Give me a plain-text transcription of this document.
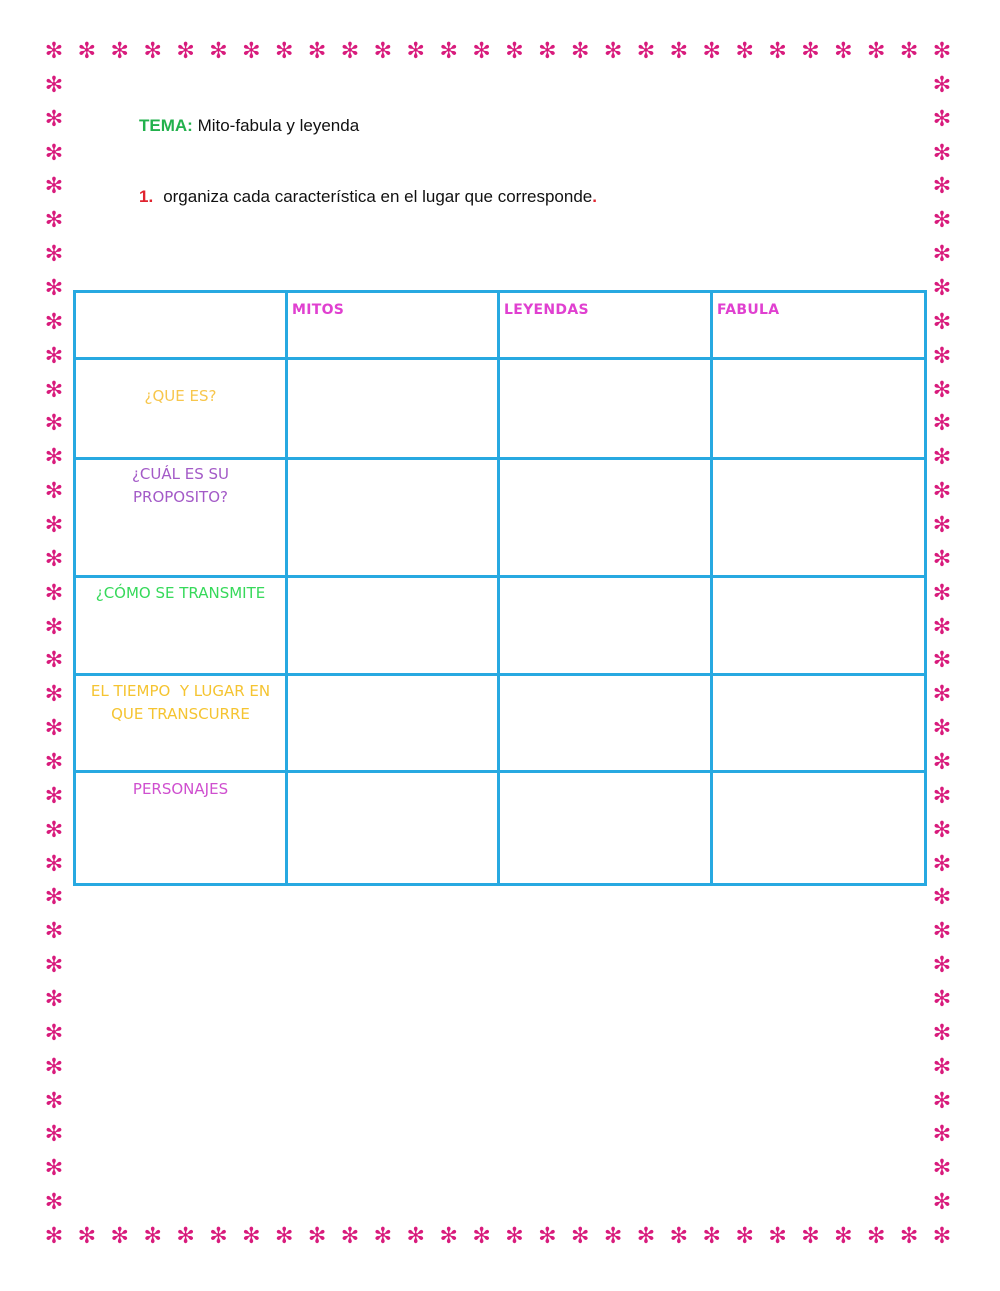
✻
✻
✻
✻
✻
✻
✻
✻
✻
✻
✻
✻
✻
✻
✻
✻
✻
✻
✻
✻
✻
✻
✻
✻
✻
✻
✻
✻
✻
✻
✻
✻
✻
✻
✻
✻
✻
✻
✻
✻
✻
✻
✻
✻
✻
✻
✻
✻
✻
✻
✻
✻
✻
✻
✻
✻
✻
✻
✻
✻
✻
✻
✻
✻
✻
✻
✻
✻
✻
✻
✻
✻
✻
✻
✻
✻
✻
✻
✻
✻
✻
✻
✻
✻
✻
✻
✻
✻
✻
✻
✻
✻
✻
✻
✻
✻
✻
✻
✻
✻
✻
✻
✻
✻
✻
✻
✻
✻
✻
✻
✻
✻
✻
✻
✻
✻
✻
✻
✻
✻
✻
✻
✻
✻
TEMA: Mito-fabula y leyenda
1. organiza cada característica en el lugar que corresponde.

	MITOS	LEYENDAS	FABULA

¿QUE ES?			

¿CUÁL ES SU PROPOSITO?			

¿CÓMO SE TRANSMITE			

EL TIEMPO  Y LUGAR EN QUE TRANSCURRE			

PERSONAJES			
